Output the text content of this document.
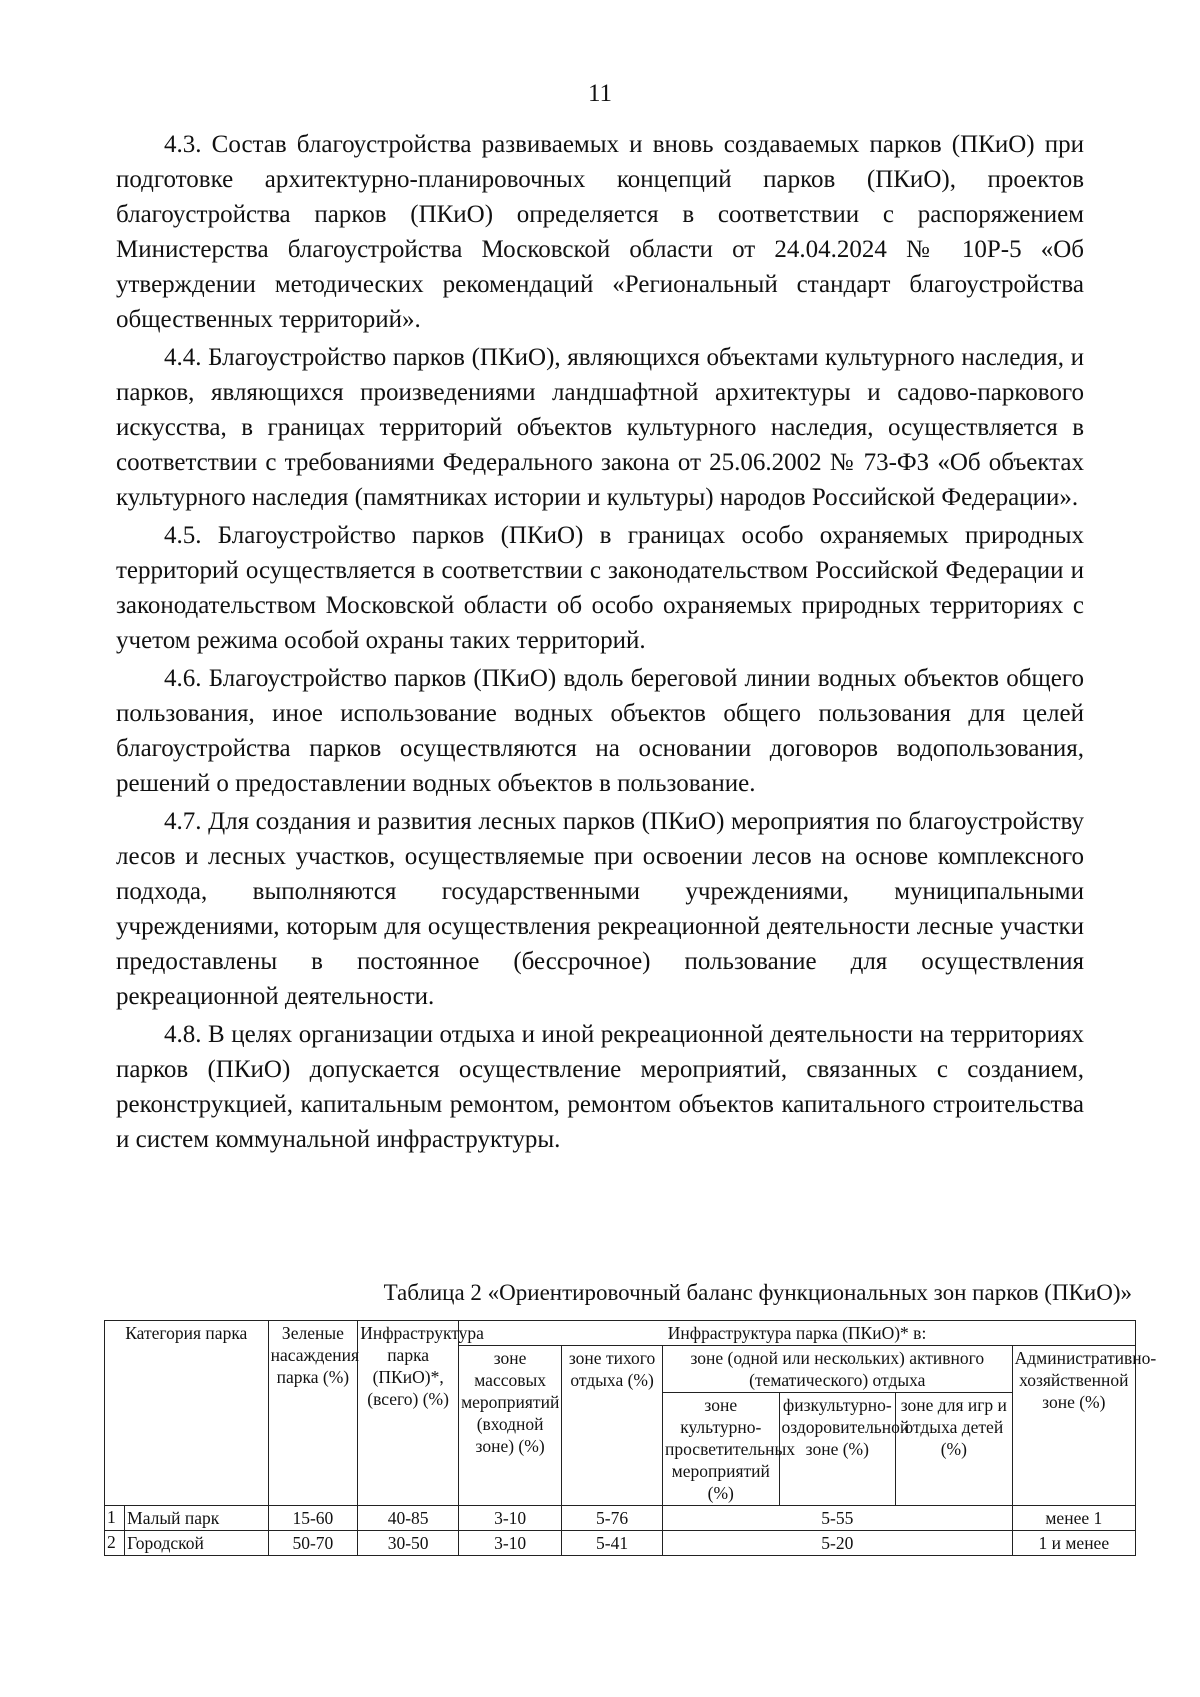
11

4.3. Состав благоустройства развиваемых и вновь создаваемых парков (ПКиО) при подготовке архитектурно-планировочных концепций парков (ПКиО), проектов благоустройства парков (ПКиО) определяется в соответствии с распоряжением Министерства благоустройства Московской области от 24.04.2024 № 10Р-5 «Об утверждении методических рекомендаций «Региональный стандарт благоустройства общественных территорий».

4.4. Благоустройство парков (ПКиО), являющихся объектами культурного наследия, и парков, являющихся произведениями ландшафтной архитектуры и садово-паркового искусства, в границах территорий объектов культурного наследия, осуществляется в соответствии с требованиями Федерального закона от 25.06.2002 № 73-ФЗ «Об объектах культурного наследия (памятниках истории и культуры) народов Российской Федерации».

4.5. Благоустройство парков (ПКиО) в границах особо охраняемых природных территорий осуществляется в соответствии с законодательством Российской Федерации и законодательством Московской области об особо охраняемых природных территориях с учетом режима особой охраны таких территорий.

4.6. Благоустройство парков (ПКиО) вдоль береговой линии водных объектов общего пользования, иное использование водных объектов общего пользования для целей благоустройства парков осуществляются на основании договоров водопользования, решений о предоставлении водных объектов в пользование.

4.7. Для создания и развития лесных парков (ПКиО) мероприятия по благоустройству лесов и лесных участков, осуществляемые при освоении лесов на основе комплексного подхода, выполняются государственными учреждениями, муниципальными учреждениями, которым для осуществления рекреационной деятельности лесные участки предоставлены в постоянное (бессрочное) пользование для осуществления рекреационной деятельности.

4.8. В целях организации отдыха и иной рекреационной деятельности на территориях парков (ПКиО) допускается осуществление мероприятий, связанных с созданием, реконструкцией, капитальным ремонтом, ремонтом объектов капитального строительства и систем коммунальной инфраструктуры.

Таблица 2 «Ориентировочный баланс функциональных зон парков (ПКиО)»
Категория парка		Зеленые насаждения парка (%)	Инфраструктура парка (ПКиО)*, (всего) (%)	Инфраструктура парка (ПКиО)* в:					
				зоне массовых мероприятий (входной зоне) (%)	зоне тихого отдыха (%)	зоне (одной или нескольких) активного (тематического) отдыха			Административно-хозяйственной зоне (%)
						зоне культурно-просветительных мероприятий (%)	физкультурно-оздоровительной зоне (%)	зоне для игр и отдыха детей (%)	
1	Малый парк	15-60	40-85	3-10	5-76	5-55			менее 1
2	Городской	50-70	30-50	3-10	5-41	5-20			1 и менее
